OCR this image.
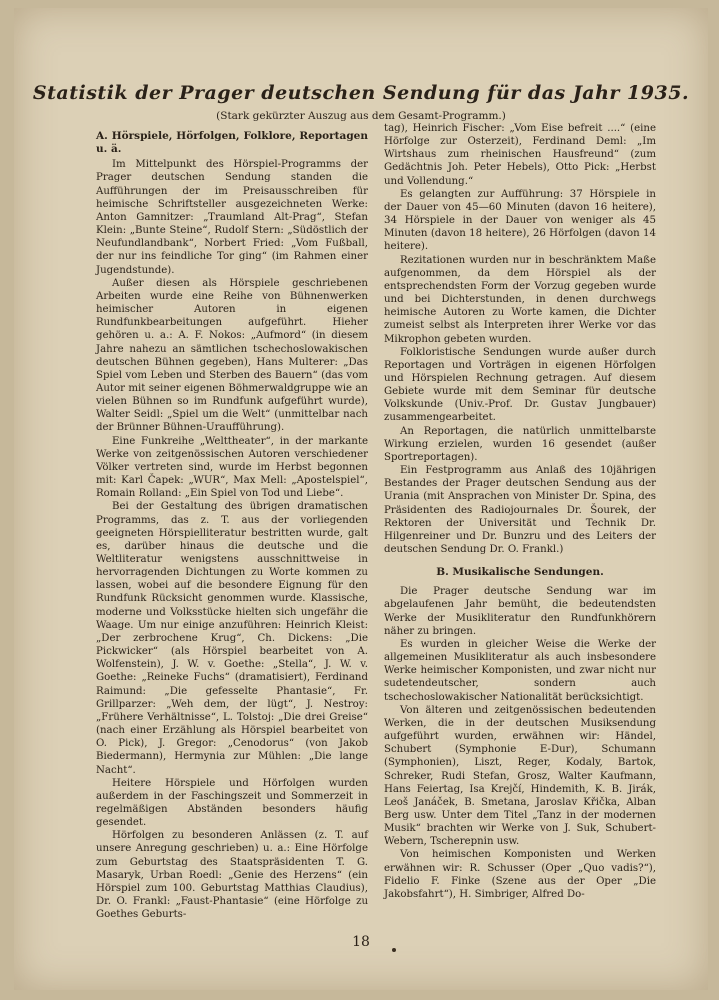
Statistik der Prager deutschen Sendung für das Jahr 1935.

(Stark gekürzter Auszug aus dem Gesamt-Programm.)

A. Hörspiele, Hörfolgen, Folklore, Reportagen u. ä.

Im Mittelpunkt des Hörspiel-Programms der Prager deutschen Sendung standen die Aufführungen der im Preisausschreiben für heimische Schriftsteller ausgezeichneten Werke: Anton Gamnitzer: „Traumland Alt-Prag“, Stefan Klein: „Bunte Steine“, Rudolf Stern: „Südöstlich der Neufundlandbank“, Norbert Fried: „Vom Fußball, der nur ins feindliche Tor ging“ (im Rahmen einer Jugendstunde).

Außer diesen als Hörspiele geschriebenen Arbeiten wurde eine Reihe von Bühnenwerken heimischer Autoren in eigenen Rundfunkbearbeitungen aufgeführt. Hieher gehören u. a.: A. F. Nokos: „Aufmord“ (in diesem Jahre nahezu an sämtlichen tschechoslowakischen deutschen Bühnen gegeben), Hans Multerer: „Das Spiel vom Leben und Sterben des Bauern“ (das vom Autor mit seiner eigenen Böhmerwaldgruppe wie an vielen Bühnen so im Rundfunk aufgeführt wurde), Walter Seidl: „Spiel um die Welt“ (unmittelbar nach der Brünner Bühnen-Uraufführung).

Eine Funkreihe „Welttheater“, in der markante Werke von zeitgenössischen Autoren verschiedener Völker vertreten sind, wurde im Herbst begonnen mit: Karl Čapek: „WUR“, Max Mell: „Apostelspiel“, Romain Rolland: „Ein Spiel von Tod und Liebe“.

Bei der Gestaltung des übrigen dramatischen Programms, das z. T. aus der vorliegenden geeigneten Hörspielliteratur bestritten wurde, galt es, darüber hinaus die deutsche und die Weltliteratur wenigstens ausschnittweise in hervorragenden Dichtungen zu Worte kommen zu lassen, wobei auf die besondere Eignung für den Rundfunk Rücksicht genommen wurde. Klassische, moderne und Volksstücke hielten sich ungefähr die Waage. Um nur einige anzuführen: Heinrich Kleist: „Der zerbrochene Krug“, Ch. Dickens: „Die Pickwicker“ (als Hörspiel bearbeitet von A. Wolfenstein), J. W. v. Goethe: „Stella“, J. W. v. Goethe: „Reineke Fuchs“ (dramatisiert), Ferdinand Raimund: „Die gefesselte Phantasie“, Fr. Grillparzer: „Weh dem, der lügt“, J. Nestroy: „Frühere Verhältnisse“, L. Tolstoj: „Die drei Greise“ (nach einer Erzählung als Hörspiel bearbeitet von O. Pick), J. Gregor: „Cenodorus“ (von Jakob Biedermann), Hermynia zur Mühlen: „Die lange Nacht“.

Heitere Hörspiele und Hörfolgen wurden außerdem in der Faschingszeit und Sommerzeit in regelmäßigen Abständen besonders häufig gesendet.

Hörfolgen zu besonderen Anlässen (z. T. auf unsere Anregung geschrieben) u. a.: Eine Hörfolge zum Geburtstag des Staatspräsidenten T. G. Masaryk, Urban Roedl: „Genie des Herzens“ (ein Hörspiel zum 100. Geburtstag Matthias Claudius), Dr. O. Frankl: „Faust-Phantasie“ (eine Hörfolge zu Goethes Geburts-

tag), Heinrich Fischer: „Vom Eise befreit ....“ (eine Hörfolge zur Osterzeit), Ferdinand Deml: „Im Wirtshaus zum rheinischen Hausfreund“ (zum Gedächtnis Joh. Peter Hebels), Otto Pick: „Herbst und Vollendung.“

Es gelangten zur Aufführung: 37 Hörspiele in der Dauer von 45—60 Minuten (davon 16 heitere), 34 Hörspiele in der Dauer von weniger als 45 Minuten (davon 18 heitere), 26 Hörfolgen (davon 14 heitere).

Rezitationen wurden nur in beschränktem Maße aufgenommen, da dem Hörspiel als der entsprechendsten Form der Vorzug gegeben wurde und bei Dichterstunden, in denen durchwegs heimische Autoren zu Worte kamen, die Dichter zumeist selbst als Interpreten ihrer Werke vor das Mikrophon gebeten wurden.

Folkloristische Sendungen wurde außer durch Reportagen und Vorträgen in eigenen Hörfolgen und Hörspielen Rechnung getragen. Auf diesem Gebiete wurde mit dem Seminar für deutsche Volkskunde (Univ.-Prof. Dr. Gustav Jungbauer) zusammengearbeitet.

An Reportagen, die natürlich unmittelbarste Wirkung erzielen, wurden 16 gesendet (außer Sportreportagen).

Ein Festprogramm aus Anlaß des 10jährigen Bestandes der Prager deutschen Sendung aus der Urania (mit Ansprachen von Minister Dr. Spina, des Präsidenten des Radiojournales Dr. Šourek, der Rektoren der Universität und Technik Dr. Hilgenreiner und Dr. Bunzru und des Leiters der deutschen Sendung Dr. O. Frankl.)

B. Musikalische Sendungen.

Die Prager deutsche Sendung war im abgelaufenen Jahr bemüht, die bedeutendsten Werke der Musikliteratur den Rundfunkhörern näher zu bringen.

Es wurden in gleicher Weise die Werke der allgemeinen Musikliteratur als auch insbesondere Werke heimischer Komponisten, und zwar nicht nur sudetendeutscher, sondern auch tschechoslowakischer Nationalität berücksichtigt.

Von älteren und zeitgenössischen bedeutenden Werken, die in der deutschen Musiksendung aufgeführt wurden, erwähnen wir: Händel, Schubert (Symphonie E-Dur), Schumann (Symphonien), Liszt, Reger, Kodaly, Bartok, Schreker, Rudi Stefan, Grosz, Walter Kaufmann, Hans Feiertag, Isa Krejčí, Hindemith, K. B. Jirák, Leoš Janáček, B. Smetana, Jaroslav Křička, Alban Berg usw. Unter dem Titel „Tanz in der modernen Musik“ brachten wir Werke von J. Suk, Schubert-Webern, Tscherepnin usw.

Von heimischen Komponisten und Werken erwähnen wir: R. Schusser (Oper „Quo vadis?“), Fidelio F. Finke (Szene aus der Oper „Die Jakobsfahrt“), H. Simbriger, Alfred Do-

18
